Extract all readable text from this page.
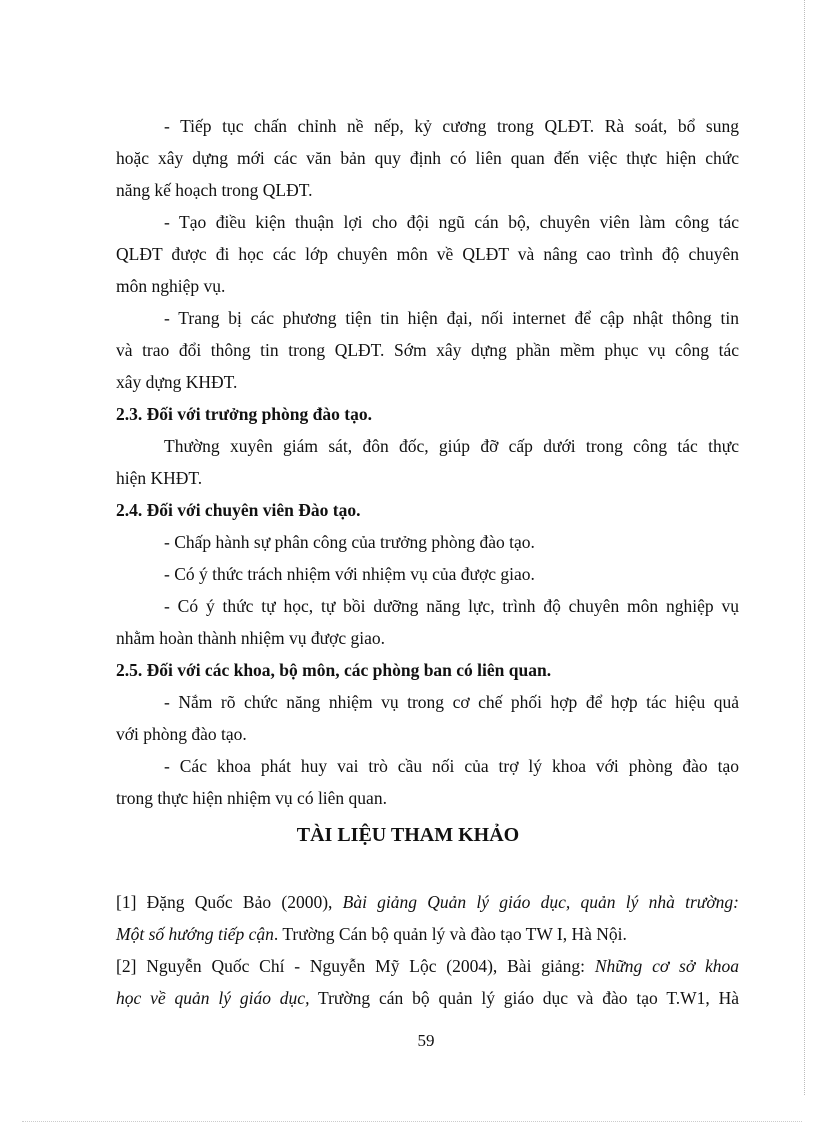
- Tiếp tục chấn chỉnh nề nếp, kỷ cương trong QLĐT. Rà soát, bổ sung
hoặc xây dựng mới các văn bản quy định có liên quan đến việc thực hiện chức
năng kế hoạch trong QLĐT.
- Tạo điều kiện thuận lợi cho đội ngũ cán bộ, chuyên viên làm công tác
QLĐT được đi học các lớp chuyên môn về QLĐT và nâng cao trình độ chuyên
môn nghiệp vụ.
- Trang bị các phương tiện tin hiện đại, nối internet để cập nhật thông tin
và trao đổi thông tin trong QLĐT. Sớm xây dựng phần mềm phục vụ công tác
xây dựng KHĐT.
2.3. Đối với trưởng phòng đào tạo.
Thường xuyên giám sát, đôn đốc, giúp đỡ cấp dưới trong công tác thực
hiện KHĐT.
2.4. Đối với chuyên viên Đào tạo.
- Chấp hành sự phân công của trưởng phòng đào tạo.
- Có ý thức trách nhiệm với nhiệm vụ của được giao.
- Có ý thức tự học, tự bồi dưỡng năng lực, trình độ chuyên môn nghiệp vụ
nhằm hoàn thành nhiệm vụ được giao.
2.5. Đối với các khoa, bộ môn, các phòng ban có liên quan.
- Nắm rõ chức năng nhiệm vụ trong cơ chế phối hợp để hợp tác hiệu quả
với phòng đào tạo.
- Các khoa phát huy vai trò cầu nối của trợ lý khoa với phòng đào tạo
trong thực hiện nhiệm vụ có liên quan.
TÀI LIỆU THAM KHẢO
[1] Đặng Quốc Bảo (2000), Bài giảng Quản lý giáo dục, quản lý nhà trường:
Một số hướng tiếp cận. Trường Cán bộ quản lý và đào tạo TW I, Hà Nội.
[2] Nguyễn Quốc Chí - Nguyễn Mỹ Lộc (2004), Bài giảng: Những cơ sở khoa
học về quản lý giáo dục, Trường cán bộ quản lý giáo dục và đào tạo T.W1, Hà
59
